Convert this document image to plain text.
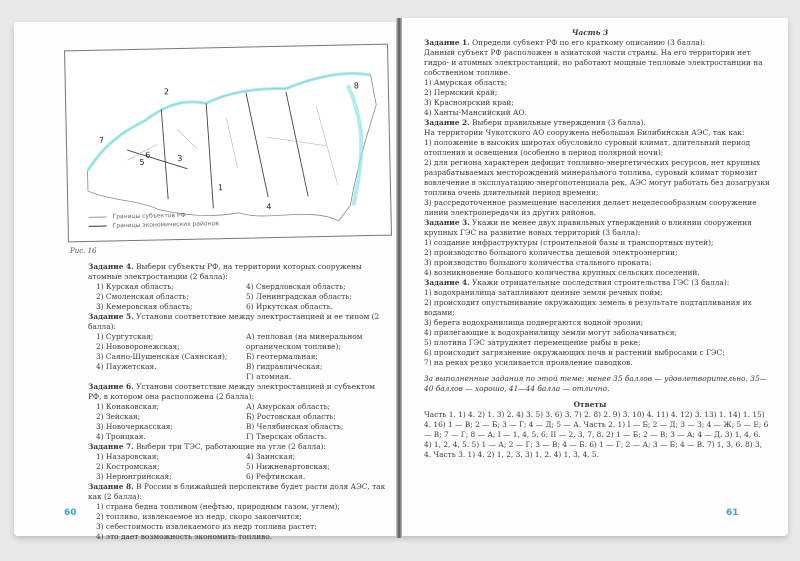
1
2
3
4
5
6
7
8
Границы субъектов РФ
Границы экономических районов
Рис. 16

Задание 4. Выбери субъекты РФ, на территории которых сооружены атомные электростанции (2 балла):

1) Курская область;

2) Смоленская область;

3) Кемеровская область;

4) Свердловская область;

5) Ленинградская область;

6) Иркутская область.

Задание 5. Установи соответствие между электростанцией и ее типом (2 балла):

1) Сургутская;

2) Нововоронежская;

3) Саяно-Шушенская (Саянская);

4) Паужетская.

А) тепловая (на минеральном органическом топливе);

Б) геотермальная;

В) гидравлическая;

Г) атомная.

Задание 6. Установи соответствие между электростанцией и субъектом РФ, в котором она расположена (2 балла):

1) Конаковская;

2) Зейская;

3) Новочеркасская;

4) Троицкая.

А) Амурская область;

Б) Ростовская область;

В) Челябинская область;

Г) Тверская область.

Задание 7. Выбери три ТЭС, работающие на угле (2 балла):

1) Назаровская;

2) Костромская;

3) Нерюнгринская;

4) Заинская;

5) Нижневартовская;

6) Рефтинская.

Задание 8. В России в ближайшей перспективе будет расти доля АЭС, так как (2 балла):

1) страна бедна топливом (нефтью, природным газом, углем);

2) топливо, извлекаемое из недр, скоро закончится;

3) себестоимость извлекаемого из недр топлива растет;

4) это дает возможность экономить топливо.

60

Часть 3

Задание 1. Определи субъект РФ по его краткому описанию (3 балла):

Данный субъект РФ расположен в азиатской части страны. На его территории нет гидро- и атомных электростанций, но работают мощные тепловые электростанции на собственном топливе.

1) Амурская область;

2) Пермский край;

3) Красноярский край;

4) Ханты-Мансийский АО.

Задание 2. Выбери правильные утверждения (3 балла).

На территории Чукотского АО сооружена небольшая Билибинская АЭС, так как:

1) положение в высоких широтах обусловило суровый климат, длительный период отопления и освещения (особенно в период полярной ночи);

2) для региона характерен дефицит топливно-энергетических ресурсов, нет крупных разрабатываемых месторождений минерального топлива, суровый климат тормозит вовлечение в эксплуатацию энергопотенциала рек, АЭС могут работать без дозагрузки топлива очень длительный период времени;

3) рассредоточенное размещение населения делает нецелесообразным сооружение линии электропередачи из других районов.

Задание 3. Укажи не менее двух правильных утверждений о влиянии сооружения крупных ГЭС на развитие новых территорий (3 балла):

1) создание инфраструктуры (строительной базы и транспортных путей);

2) производство большого количества дешевой электроэнергии;

3) производство большого количества стального проката;

4) возникновение большого количества крупных сельских поселений.

Задание 4. Укажи отрицательные последствия строительства ГЭС (3 балла):

1) водохранилища затапливают ценные земли речных пойм;

2) происходит опустынивание окружающих земель в результате подтапливания их водами;

3) берега водохранилища подвергаются водной эрозии;

4) прилегающие к водохранилищу земли могут заболачиваться;

5) плотина ГЭС затрудняет перемещение рыбы в реке;

6) происходит загрязнение окружающих почв и растений выбросами с ГЭС;

7) на реках резко усиливается проявление паводков.

За выполненные задания по этой теме: менее 35 баллов — удовлетворительно, 35—40 баллов — хорошо, 41—44 балла — отлично.

Ответы

Часть 1. 1) 4. 2) 1. 3) 2. 4) 3. 5) 3. 6) 3. 7) 2. 8) 2. 9) 3. 10) 4. 11) 4. 12) 3. 13) 1. 14) 1. 15) 4. 16) 1 — В; 2 — Б; 3 — Г; 4 — Д; 5 — А. Часть 2. 1) I — Б; 2 — Д; 3 — З; 4 — Ж; 5 — Е; 6 — В; 7 — Г; 8 — А; I — 1, 4, 5, 6; II — 2, 3, 7, 8. 2) 1 — Б; 2 — В; 3 — А; 4 — Д. 3) 1, 4, 6. 4) 1, 2, 4, 5. 5) 1 — А; 2 — Г; 3 — В; 4 — Б. 6) 1 — Г; 2 — А; 3 — Б; 4 — В. 7) 1, 3, 6. 8) 3, 4. Часть 3. 1) 4. 2) 1, 2, 3. 3) 1, 2. 4) 1, 3, 4, 5.

61
